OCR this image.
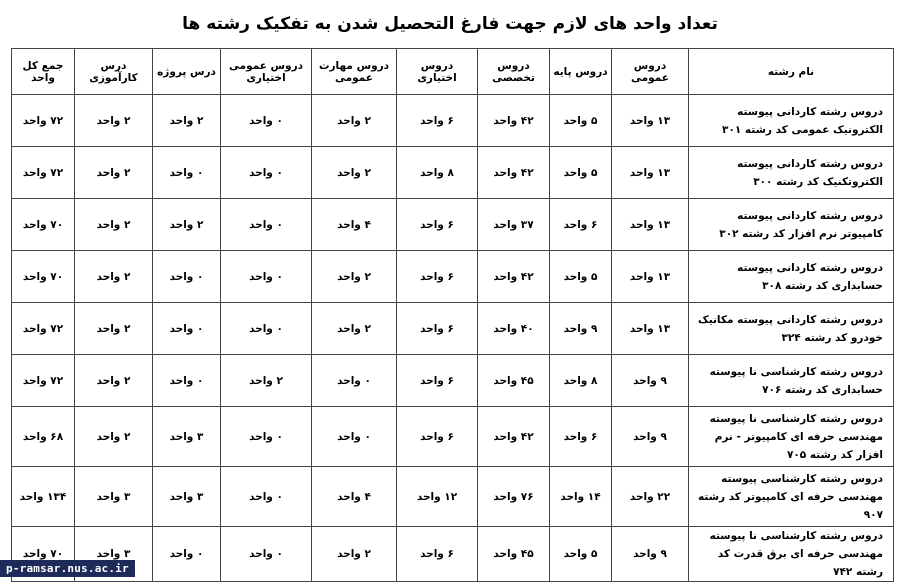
تعداد واحد های لازم جهت فارغ التحصیل شدن به تفکیک رشته ها
نام رشته	دروس عمومی	دروس پایه	دروس تخصصی	دروس اختیاری	دروس مهارت عمومی	دروس عمومی اختیاری	درس پروژه	درس کارآموزی	جمع کل واحد
دروس رشته کاردانی پیوسته الکترونیک عمومی کد رشته ۳۰۱	۱۳ واحد	۵ واحد	۴۲ واحد	۶ واحد	۲ واحد	۰ واحد	۲ واحد	۲ واحد	۷۲ واحد
دروس رشته کاردانی پیوسته الکتروتکنیک کد رشته ۳۰۰	۱۳ واحد	۵ واحد	۴۲ واحد	۸ واحد	۲ واحد	۰ واحد	۰ واحد	۲ واحد	۷۲ واحد
دروس رشته کاردانی پیوسته کامپیوتر نرم افزار کد رشته ۳۰۲	۱۳ واحد	۶ واحد	۳۷ واحد	۶ واحد	۴ واحد	۰ واحد	۲ واحد	۲ واحد	۷۰ واحد
دروس رشته کاردانی پیوسته حسابداری کد رشته ۳۰۸	۱۳ واحد	۵ واحد	۴۲ واحد	۶ واحد	۲ واحد	۰ واحد	۰ واحد	۲ واحد	۷۰ واحد
دروس رشته کاردانی پیوسته مکانیک خودرو کد رشته ۳۲۴	۱۳ واحد	۹ واحد	۴۰ واحد	۶ واحد	۲ واحد	۰ واحد	۰ واحد	۲ واحد	۷۲ واحد
دروس رشته کارشناسی نا پیوسته حسابداری کد رشته ۷۰۶	۹ واحد	۸ واحد	۴۵ واحد	۶ واحد	۰ واحد	۲ واحد	۰ واحد	۲ واحد	۷۲ واحد
دروس رشته کارشناسی نا پیوسته مهندسی حرفه ای کامپیوتر - نرم افزار کد رشته ۷۰۵	۹ واحد	۶ واحد	۴۲ واحد	۶ واحد	۰ واحد	۰ واحد	۳ واحد	۲ واحد	۶۸ واحد
دروس رشته کارشناسی پیوسته مهندسی حرفه ای کامپیوتر کد رشته ۹۰۷	۲۲ واحد	۱۴ واحد	۷۶ واحد	۱۲ واحد	۴ واحد	۰ واحد	۳ واحد	۳ واحد	۱۳۴ واحد
دروس رشته کارشناسی نا پیوسته مهندسی حرفه ای برق قدرت کد رشته ۷۴۲	۹ واحد	۵ واحد	۴۵ واحد	۶ واحد	۲ واحد	۰ واحد	۰ واحد	۳ واحد	۷۰ واحد
p-ramsar.nus.ac.ir
